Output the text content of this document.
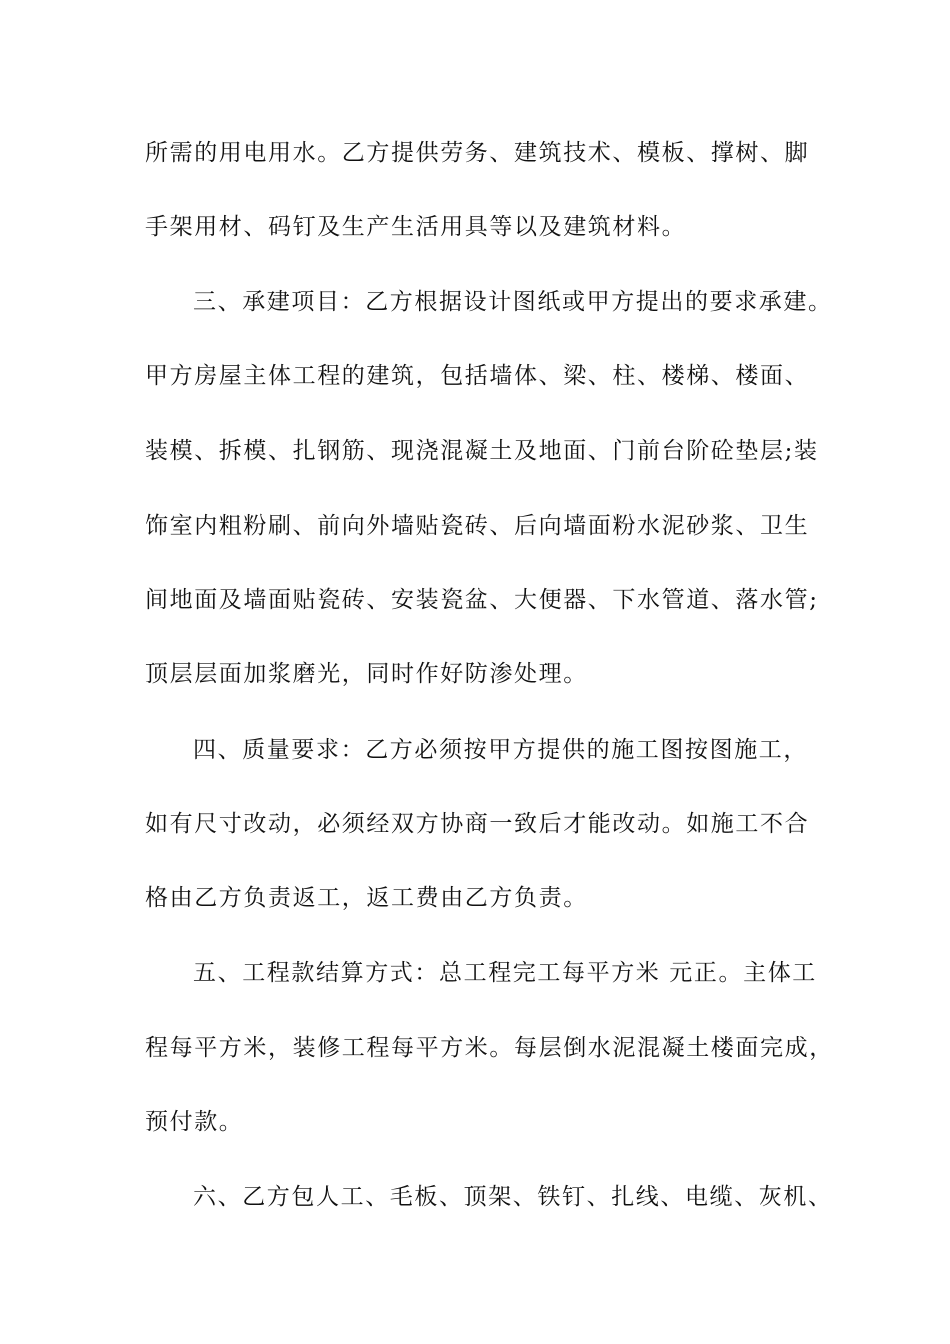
所需的用电用水。乙方提供劳务、建筑技术、模板、撑树、脚
手架用材、码钉及生产生活用具等以及建筑材料。
三、承建项目：乙方根据设计图纸或甲方提出的要求承建。
甲方房屋主体工程的建筑，包括墙体、梁、柱、楼梯、楼面、
装模、拆模、扎钢筋、现浇混凝土及地面、门前台阶砼垫层;装
饰室内粗粉刷、前向外墙贴瓷砖、后向墙面粉水泥砂浆、卫生
间地面及墙面贴瓷砖、安装瓷盆、大便器、下水管道、落水管;
顶层层面加浆磨光，同时作好防渗处理。
四、质量要求：乙方必须按甲方提供的施工图按图施工，
如有尺寸改动，必须经双方协商一致后才能改动。如施工不合
格由乙方负责返工，返工费由乙方负责。
五、工程款结算方式：总工程完工每平方米 元正。主体工
程每平方米，装修工程每平方米。每层倒水泥混凝土楼面完成，
预付款。
六、乙方包人工、毛板、顶架、铁钉、扎线、电缆、灰机、
